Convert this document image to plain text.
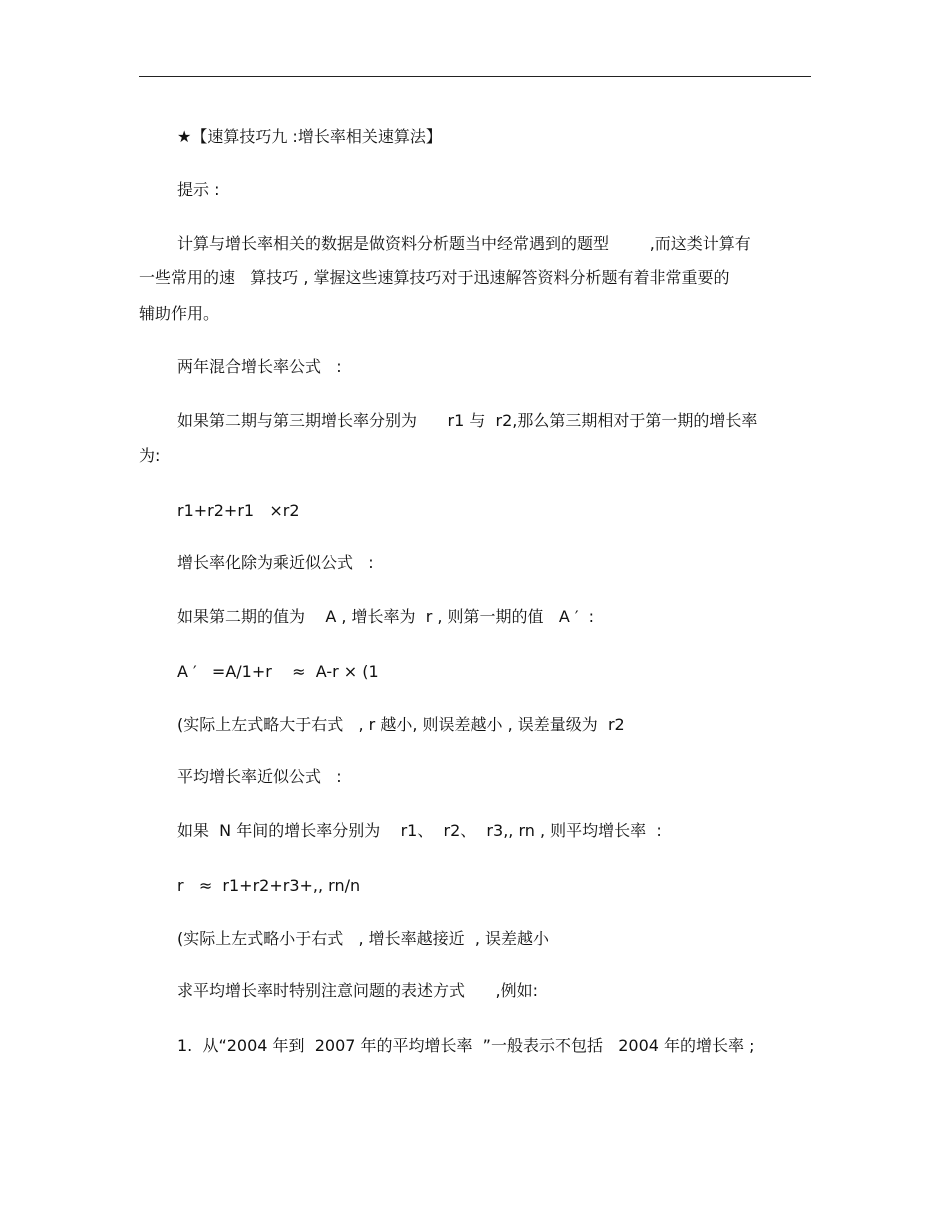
★【速算技巧九 :增长率相关速算法】
提示 :
计算与增长率相关的数据是做资料分析题当中经常遇到的题型        ,而这类计算有
一些常用的速   算技巧 , 掌握这些速算技巧对于迅速解答资料分析题有着非常重要的
辅助作用。
两年混合增长率公式   :
如果第二期与第三期增长率分别为      r1 与  r2,那么第三期相对于第一期的增长率
为:
r1+r2+r1   ×r2
增长率化除为乘近似公式   :
如果第二期的值为    A , 增长率为  r , 则第一期的值   A ′  :
A ′   =A/1+r    ≈  A-r × (1
(实际上左式略大于右式   , r 越小, 则误差越小 , 误差量级为  r2
平均增长率近似公式   :
如果  N 年间的增长率分别为    r1、  r2、  r3,, rn , 则平均增长率  :
r   ≈  r1+r2+r3+,, rn/n
(实际上左式略小于右式   , 增长率越接近  , 误差越小
求平均增长率时特别注意问题的表述方式      ,例如:
1.  从“2004 年到  2007 年的平均增长率  ”一般表示不包括   2004 年的增长率 ;
